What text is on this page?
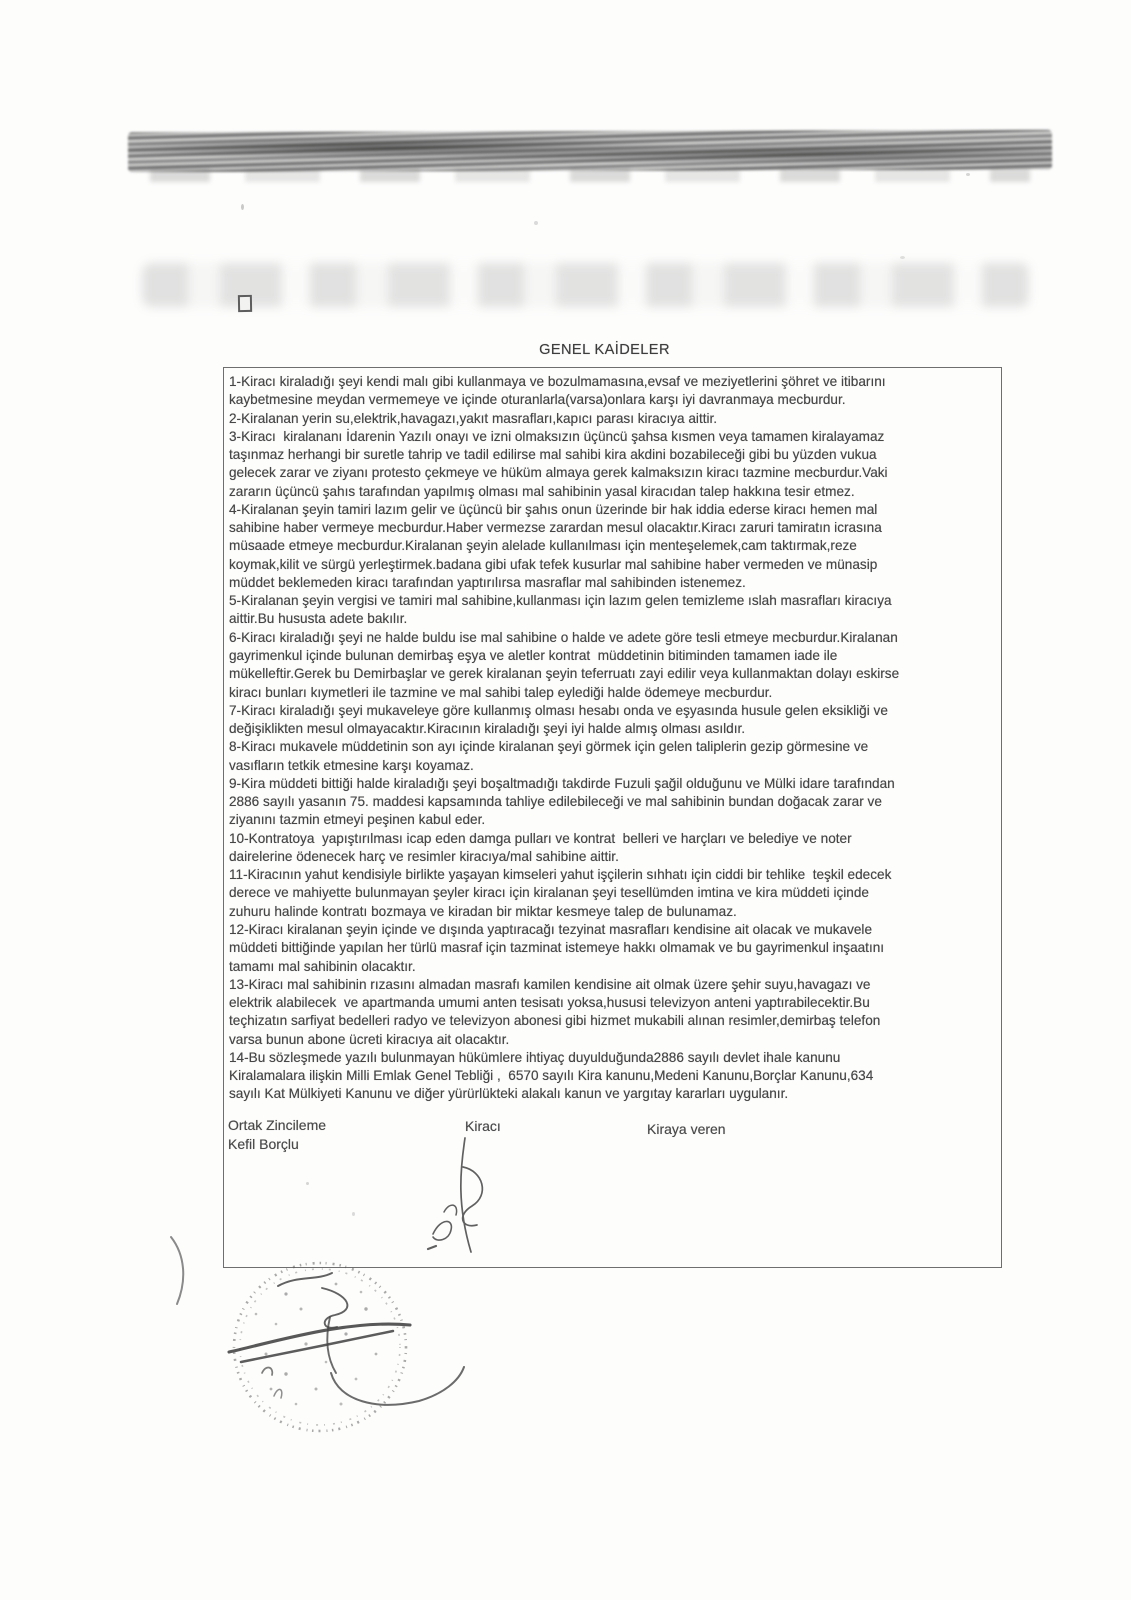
GENEL KAİDELER
1-Kiracı kiraladığı şeyi kendi malı gibi kullanmaya ve bozulmamasına,evsaf ve meziyetlerini şöhret ve itibarını
kaybetmesine meydan vermemeye ve içinde oturanlarla(varsa)onlara karşı iyi davranmaya mecburdur.
2-Kiralanan yerin su,elektrik,havagazı,yakıt masrafları,kapıcı parası kiracıya aittir.
3-Kiracı  kiralananı İdarenin Yazılı onayı ve izni olmaksızın üçüncü şahsa kısmen veya tamamen kiralayamaz
taşınmaz herhangi bir suretle tahrip ve tadil edilirse mal sahibi kira akdini bozabileceği gibi bu yüzden vukua
gelecek zarar ve ziyanı protesto çekmeye ve hüküm almaya gerek kalmaksızın kiracı tazmine mecburdur.Vaki
zararın üçüncü şahıs tarafından yapılmış olması mal sahibinin yasal kiracıdan talep hakkına tesir etmez.
4-Kiralanan şeyin tamiri lazım gelir ve üçüncü bir şahıs onun üzerinde bir hak iddia ederse kiracı hemen mal
sahibine haber vermeye mecburdur.Haber vermezse zarardan mesul olacaktır.Kiracı zaruri tamiratın icrasına
müsaade etmeye mecburdur.Kiralanan şeyin alelade kullanılması için menteşelemek,cam taktırmak,reze
koymak,kilit ve sürgü yerleştirmek.badana gibi ufak tefek kusurlar mal sahibine haber vermeden ve münasip
müddet beklemeden kiracı tarafından yaptırılırsa masraflar mal sahibinden istenemez.
5-Kiralanan şeyin vergisi ve tamiri mal sahibine,kullanması için lazım gelen temizleme ıslah masrafları kiracıya
aittir.Bu hususta adete bakılır.
6-Kiracı kiraladığı şeyi ne halde buldu ise mal sahibine o halde ve adete göre tesli etmeye mecburdur.Kiralanan
gayrimenkul içinde bulunan demirbaş eşya ve aletler kontrat  müddetinin bitiminden tamamen iade ile
mükelleftir.Gerek bu Demirbaşlar ve gerek kiralanan şeyin teferruatı zayi edilir veya kullanmaktan dolayı eskirse
kiracı bunları kıymetleri ile tazmine ve mal sahibi talep eylediği halde ödemeye mecburdur.
7-Kiracı kiraladığı şeyi mukaveleye göre kullanmış olması hesabı onda ve eşyasında husule gelen eksikliği ve
değişiklikten mesul olmayacaktır.Kiracının kiraladığı şeyi iyi halde almış olması asıldır.
8-Kiracı mukavele müddetinin son ayı içinde kiralanan şeyi görmek için gelen taliplerin gezip görmesine ve
vasıfların tetkik etmesine karşı koyamaz.
9-Kira müddeti bittiği halde kiraladığı şeyi boşaltmadığı takdirde Fuzuli şağil olduğunu ve Mülki idare tarafından
2886 sayılı yasanın 75. maddesi kapsamında tahliye edilebileceği ve mal sahibinin bundan doğacak zarar ve
ziyanını tazmin etmeyi peşinen kabul eder.
10-Kontratoya  yapıştırılması icap eden damga pulları ve kontrat  belleri ve harçları ve belediye ve noter
dairelerine ödenecek harç ve resimler kiracıya/mal sahibine aittir.
11-Kiracının yahut kendisiyle birlikte yaşayan kimseleri yahut işçilerin sıhhatı için ciddi bir tehlike  teşkil edecek
derece ve mahiyette bulunmayan şeyler kiracı için kiralanan şeyi tesellümden imtina ve kira müddeti içinde
zuhuru halinde kontratı bozmaya ve kiradan bir miktar kesmeye talep de bulunamaz.
12-Kiracı kiralanan şeyin içinde ve dışında yaptıracağı tezyinat masrafları kendisine ait olacak ve mukavele
müddeti bittiğinde yapılan her türlü masraf için tazminat istemeye hakkı olmamak ve bu gayrimenkul inşaatını
tamamı mal sahibinin olacaktır.
13-Kiracı mal sahibinin rızasını almadan masrafı kamilen kendisine ait olmak üzere şehir suyu,havagazı ve
elektrik alabilecek  ve apartmanda umumi anten tesisatı yoksa,hususi televizyon anteni yaptırabilecektir.Bu
teçhizatın sarfiyat bedelleri radyo ve televizyon abonesi gibi hizmet mukabili alınan resimler,demirbaş telefon
varsa bunun abone ücreti kiracıya ait olacaktır.
14-Bu sözleşmede yazılı bulunmayan hükümlere ihtiyaç duyulduğunda2886 sayılı devlet ihale kanunu
Kiralamalara ilişkin Milli Emlak Genel Tebliği ,  6570 sayılı Kira kanunu,Medeni Kanunu,Borçlar Kanunu,634
sayılı Kat Mülkiyeti Kanunu ve diğer yürürlükteki alakalı kanun ve yargıtay kararları uygulanır.
Ortak Zincileme
Kefil Borçlu
Kiracı	Kiraya veren
